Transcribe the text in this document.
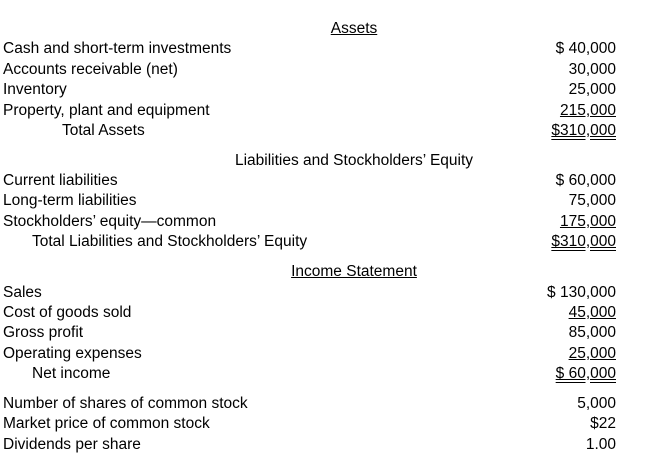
Assets
Cash and short-term investments	$ 40,000
Accounts receivable (net)	30,000
Inventory	25,000
Property, plant and equipment	215,000
Total Assets	$310,000
Liabilities and Stockholders’ Equity
Current liabilities	$ 60,000
Long-term liabilities	75,000
Stockholders’ equity—common	175,000
Total Liabilities and Stockholders’ Equity	$310,000
Income Statement
Sales	$ 130,000
Cost of goods sold	45,000
Gross profit	85,000
Operating expenses	25,000
Net income	$ 60,000
Number of shares of common stock	5,000
Market price of common stock	$22
Dividends per share	1.00
